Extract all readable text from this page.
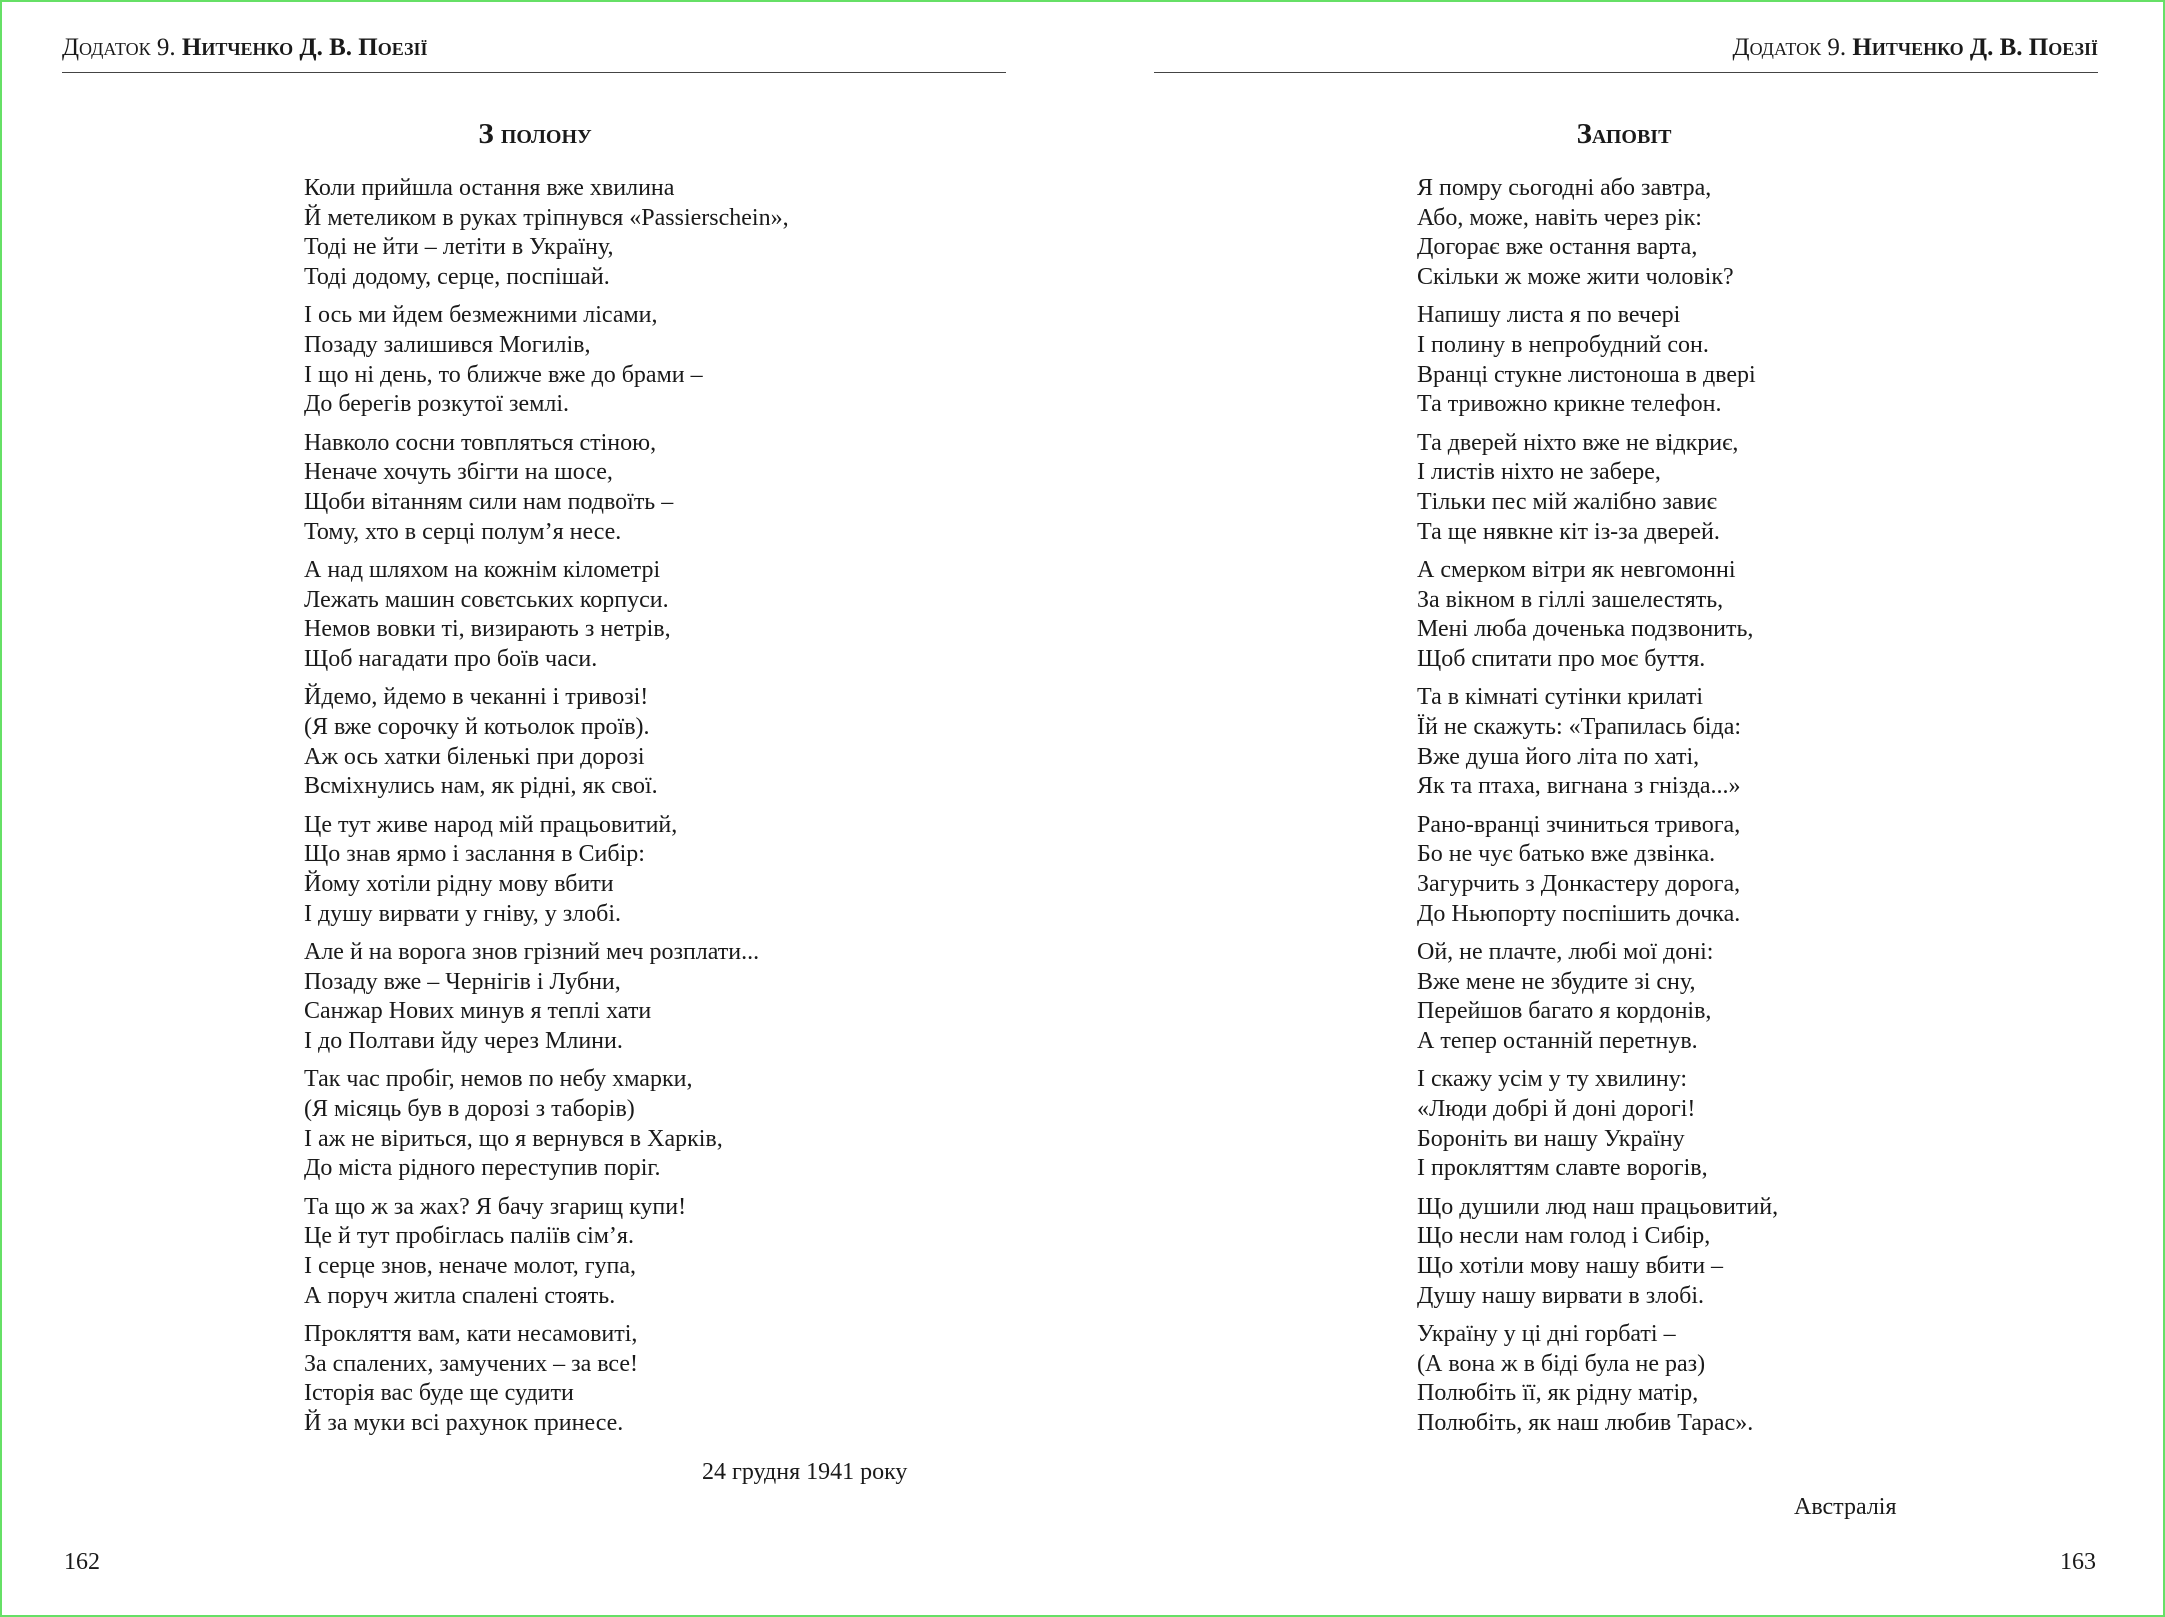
Додаток 9. Нитченко Д. В. Поезії
З полону
Коли прийшла остання вже хвилина
Й метеликом в руках тріпнувся «Passierschein»,
Тоді не йти – летіти в Україну,
Тоді додому, серце, поспішай.
І ось ми йдем безмежними лісами,
Позаду залишився Могилів,
І що ні день, то ближче вже до брами –
До берегів розкутої землі.
Навколо сосни товпляться стіною,
Неначе хочуть збігти на шосе,
Щоби вітанням сили нам подвоїть –
Тому, хто в серці полум’я несе.
А над шляхом на кожнім кілометрі
Лежать машин совєтських корпуси.
Немов вовки ті, визирають з нетрів,
Щоб нагадати про боїв часи.
Йдемо, йдемо в чеканні і тривозі!
(Я вже сорочку й котьолок проїв).
Аж ось хатки біленькі при дорозі
Всміхнулись нам, як рідні, як свої.
Це тут живе народ мій працьовитий,
Що знав ярмо і заслання в Сибір:
Йому хотіли рідну мову вбити
І душу вирвати у гніву, у злобі.
Але й на ворога знов грізний меч розплати...
Позаду вже – Чернігів і Лубни,
Санжар Нових минув я теплі хати
І до Полтави йду через Млини.
Так час пробіг, немов по небу хмарки,
(Я місяць був в дорозі з таборів)
І аж не віриться, що я вернувся в Харків,
До міста рідного переступив поріг.
Та що ж за жах? Я бачу згарищ купи!
Це й тут пробіглась паліїв сім’я.
І серце знов, неначе молот, гупа,
А поруч житла спалені стоять.
Прокляття вам, кати несамовиті,
За спалених, замучених – за все!
Історія вас буде ще судити
Й за муки всі рахунок принесе.
24 грудня 1941 року
162
Додаток 9. Нитченко Д. В. Поезії
Заповіт
Я помру сьогодні або завтра,
Або, може, навіть через рік:
Догорає вже остання варта,
Скільки ж може жити чоловік?
Напишу листа я по вечері
І полину в непробудний сон.
Вранці стукне листоноша в двері
Та тривожно крикне телефон.
Та дверей ніхто вже не відкриє,
І листів ніхто не забере,
Тільки пес мій жалібно завиє
Та ще нявкне кіт із-за дверей.
А смерком вітри як невгомонні
За вікном в гіллі зашелестять,
Мені люба доченька подзвонить,
Щоб спитати про моє буття.
Та в кімнаті сутінки крилаті
Їй не скажуть: «Трапилась біда:
Вже душа його літа по хаті,
Як та птаха, вигнана з гнізда...»
Рано-вранці зчиниться тривога,
Бо не чує батько вже дзвінка.
Загурчить з Донкастеру дорога,
До Ньюпорту поспішить дочка.
Ой, не плачте, любі мої доні:
Вже мене не збудите зі сну,
Перейшов багато я кордонів,
А тепер останній перетнув.
І скажу усім у ту хвилину:
«Люди добрі й доні дорогі!
Бороніть ви нашу Україну
І прокляттям славте ворогів,
Що душили люд наш працьовитий,
Що несли нам голод і Сибір,
Що хотіли мову нашу вбити –
Душу нашу вирвати в злобі.
Україну у ці дні горбаті –
(А вона ж в біді була не раз)
Полюбіть її, як рідну матір,
Полюбіть, як наш любив Тарас».
Австралія
163
